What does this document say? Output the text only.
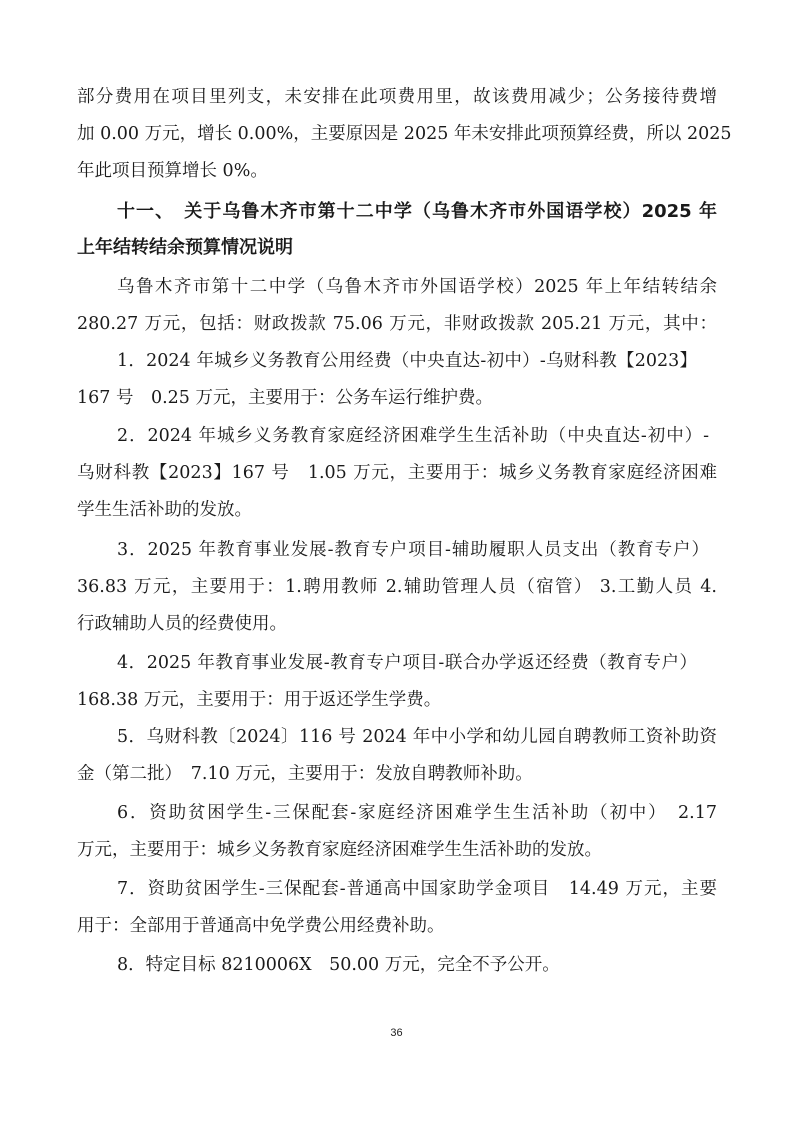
部分费用在项目里列支，未安排在此项费用里，故该费用减少；公务接待费增
加 0.00 万元，增长 0.00%，主要原因是 2025 年未安排此项预算经费，所以 2025
年此项目预算增长 0%。
十一、　关于乌鲁木齐市第十二中学（乌鲁木齐市外国语学校）2025 年
上年结转结余预算情况说明
乌鲁木齐市第十二中学（乌鲁木齐市外国语学校）2025 年上年结转结余
280.27 万元，包括：财政拨款 75.06 万元，非财政拨款 205.21 万元，其中：
1．2024 年城乡义务教育公用经费（中央直达-初中）-乌财科教【2023】
167 号　0.25 万元，主要用于：公务车运行维护费。
2．2024 年城乡义务教育家庭经济困难学生生活补助（中央直达-初中）-
乌财科教【2023】167 号　1.05 万元，主要用于：城乡义务教育家庭经济困难
学生生活补助的发放。
3．2025 年教育事业发展-教育专户项目-辅助履职人员支出（教育专户）
36.83 万元，主要用于：1.聘用教师 2.辅助管理人员（宿管） 3.工勤人员 4.
行政辅助人员的经费使用。
4．2025 年教育事业发展-教育专户项目-联合办学返还经费（教育专户）
168.38 万元，主要用于：用于返还学生学费。
5．乌财科教〔2024〕116 号 2024 年中小学和幼儿园自聘教师工资补助资
金（第二批）　7.10 万元，主要用于：发放自聘教师补助。
6．资助贫困学生-三保配套-家庭经济困难学生生活补助（初中）　2.17
万元，主要用于：城乡义务教育家庭经济困难学生生活补助的发放。
7．资助贫困学生-三保配套-普通高中国家助学金项目　14.49 万元，主要
用于：全部用于普通高中免学费公用经费补助。
8．特定目标 8210006X　50.00 万元，完全不予公开。
36
